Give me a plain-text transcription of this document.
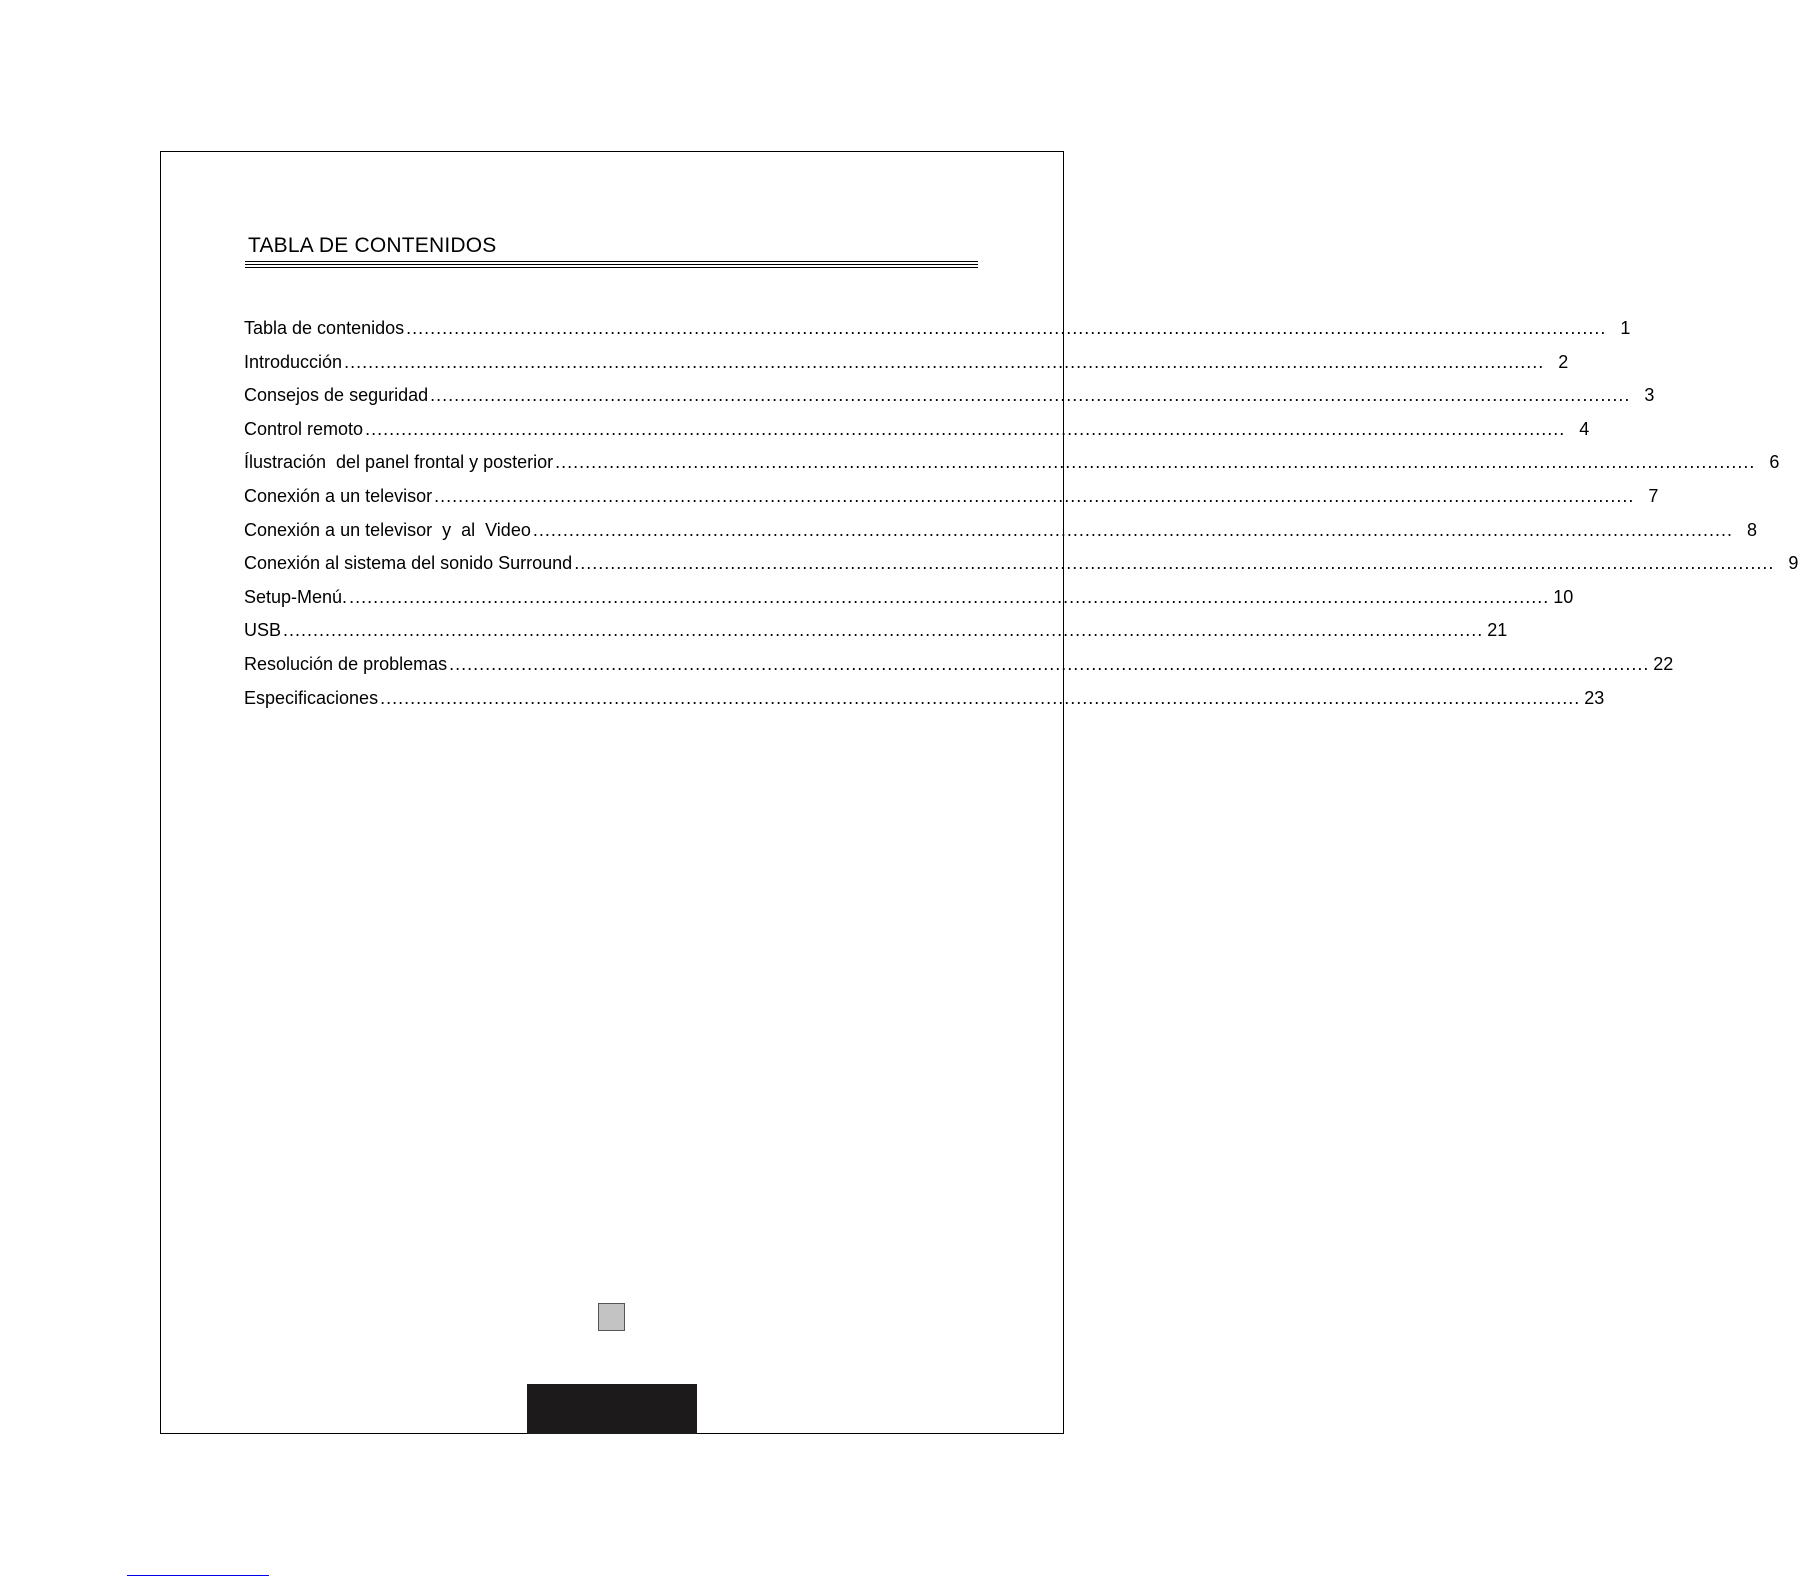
TABLA DE CONTENIDOS
Tabla de contenidos ........................................................................................................................................................................................................ 1
Introducción ........................................................................................................................................................................................................ 2
Consejos de seguridad ........................................................................................................................................................................................................ 3
Control remoto ........................................................................................................................................................................................................ 4
Ílustración  del panel frontal y posterior ........................................................................................................................................................................................................ 6
Conexión a un televisor ........................................................................................................................................................................................................ 7
Conexión a un televisor  y  al  Video ........................................................................................................................................................................................................ 8
Conexión al sistema del sonido Surround ........................................................................................................................................................................................................ 9
Setup-Menú. ........................................................................................................................................................................................................ 10
USB ........................................................................................................................................................................................................ 21
Resolución de problemas ........................................................................................................................................................................................................ 22
Especificaciones ........................................................................................................................................................................................................ 23
